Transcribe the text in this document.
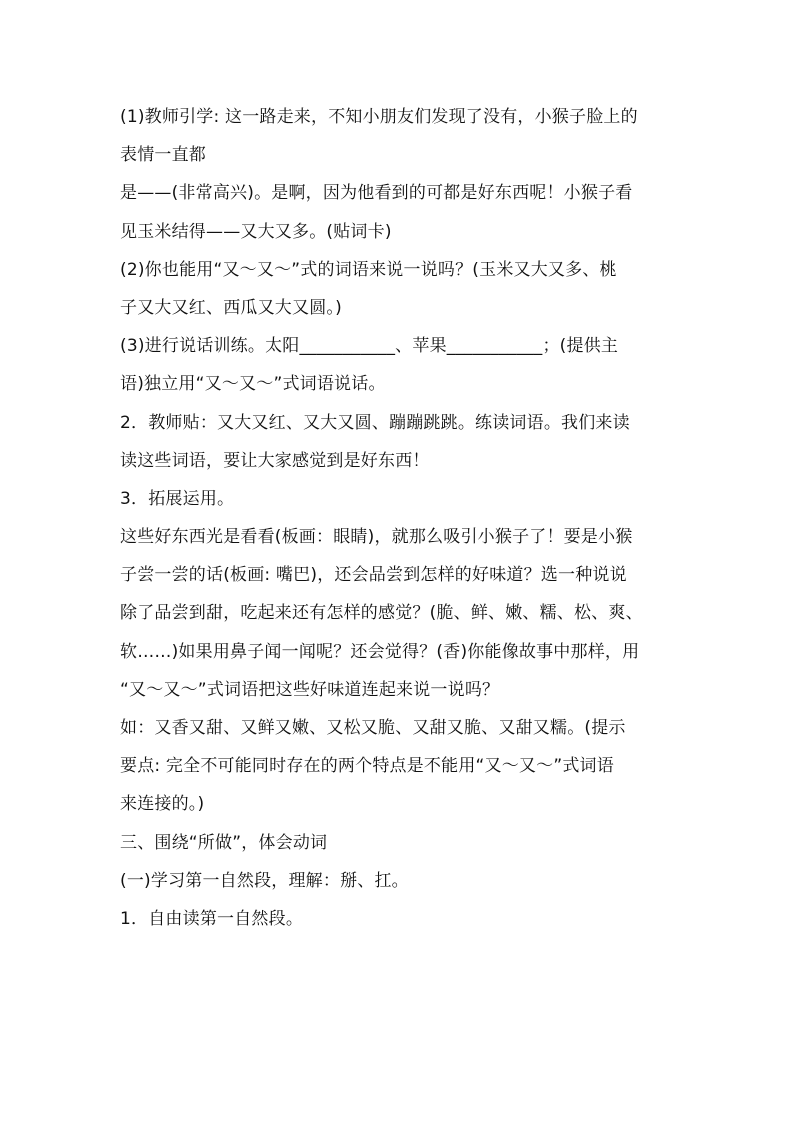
(1)教师引学: 这一路走来，不知小朋友们发现了没有，小猴子脸上的
表情一直都
是——(非常高兴)。是啊，因为他看到的可都是好东西呢！小猴子看
见玉米结得——又大又多。(贴词卡)
(2)你也能用“又～又～”式的词语来说一说吗？(玉米又大又多、桃
子又大又红、西瓜又大又圆。)
(3)进行说话训练。太阳___________、苹果___________；(提供主
语)独立用“又～又～”式词语说话。
2．教师贴：又大又红、又大又圆、蹦蹦跳跳。练读词语。我们来读
读这些词语，要让大家感觉到是好东西！
3．拓展运用。
这些好东西光是看看(板画：眼睛)，就那么吸引小猴子了！要是小猴
子尝一尝的话(板画: 嘴巴)，还会品尝到怎样的好味道？选一种说说
除了品尝到甜，吃起来还有怎样的感觉？(脆、鲜、嫩、糯、松、爽、
软……)如果用鼻子闻一闻呢？还会觉得？(香)你能像故事中那样，用
“又～又～”式词语把这些好味道连起来说一说吗？
如：又香又甜、又鲜又嫩、又松又脆、又甜又脆、又甜又糯。(提示
要点: 完全不可能同时存在的两个特点是不能用“又～又～”式词语
来连接的。)
三、围绕“所做”，体会动词
(一)学习第一自然段，理解：掰、扛。
1．自由读第一自然段。
